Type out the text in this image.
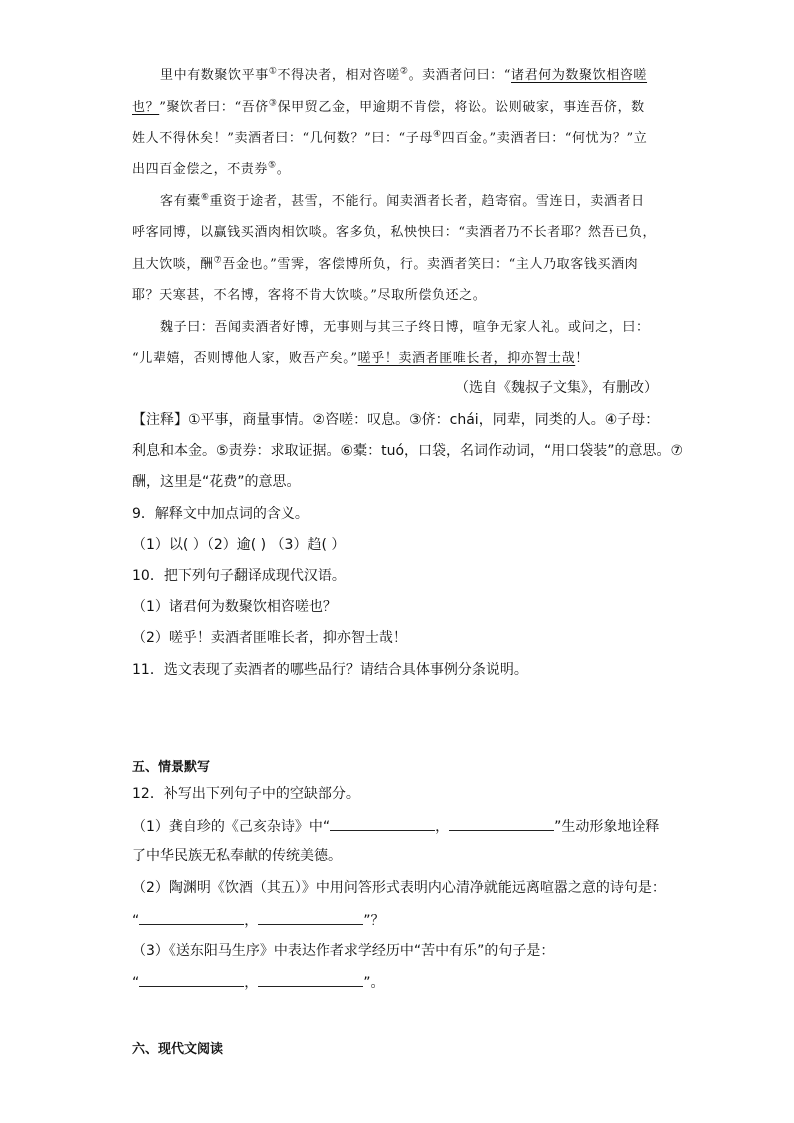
里中有数聚饮平事①不得决者，相对咨嗟②。卖酒者问曰：“诸君何为数聚饮相咨嗟

也？”聚饮者曰：“吾侪③保甲贸乙金，甲逾期不肯偿，将讼。讼则破家，事连吾侪，数

姓人不得休矣！”卖酒者曰：“几何数？”曰：“子母④四百金。”卖酒者曰：“何忧为？”立

出四百金偿之，不责券⑤。

客有橐⑥重资于途者，甚雪，不能行。闻卖酒者长者，趋寄宿。雪连日，卖酒者日

呼客同博，以赢钱买酒肉相饮啖。客多负，私怏怏曰：“卖酒者乃不长者耶？然吾已负，

且大饮啖，酬⑦吾金也。”雪霁，客偿博所负，行。卖酒者笑曰：“主人乃取客钱买酒肉

耶？天寒甚，不名博，客将不肯大饮啖。”尽取所偿负还之。

魏子曰：吾闻卖酒者好博，无事则与其三子终日博，喧争无家人礼。或问之，曰：

“儿辈嬉，否则博他人家，败吾产矣。”嗟乎！卖酒者匪唯长者，抑亦智士哉！

（选自《魏叔子文集》，有删改）

【注释】①平事，商量事情。②咨嗟：叹息。③侪：chái，同辈，同类的人。④子母：

利息和本金。⑤责券：求取证据。⑥橐：tuó，口袋，名词作动词，“用口袋装”的意思。⑦

酬，这里是“花费”的意思。

9．解释文中加点词的含义。

（1）以( ）（2）逾( ) （3）趋( ）

10．把下列句子翻译成现代汉语。

（1）诸君何为数聚饮相咨嗟也？

（2）嗟乎！卖酒者匪唯长者，抑亦智士哉！

11．选文表现了卖酒者的哪些品行？请结合具体事例分条说明。

五、情景默写

12．补写出下列句子中的空缺部分。

（1）龚自珍的《己亥杂诗》中“	，	”生动形象地诠释

了中华民族无私奉献的传统美德。

（2）陶渊明《饮酒（其五）》中用问答形式表明内心清净就能远离喧嚣之意的诗句是：

“	，	”？

（3）《送东阳马生序》中表达作者求学经历中“苦中有乐”的句子是：

“	，	”。

六、现代文阅读
